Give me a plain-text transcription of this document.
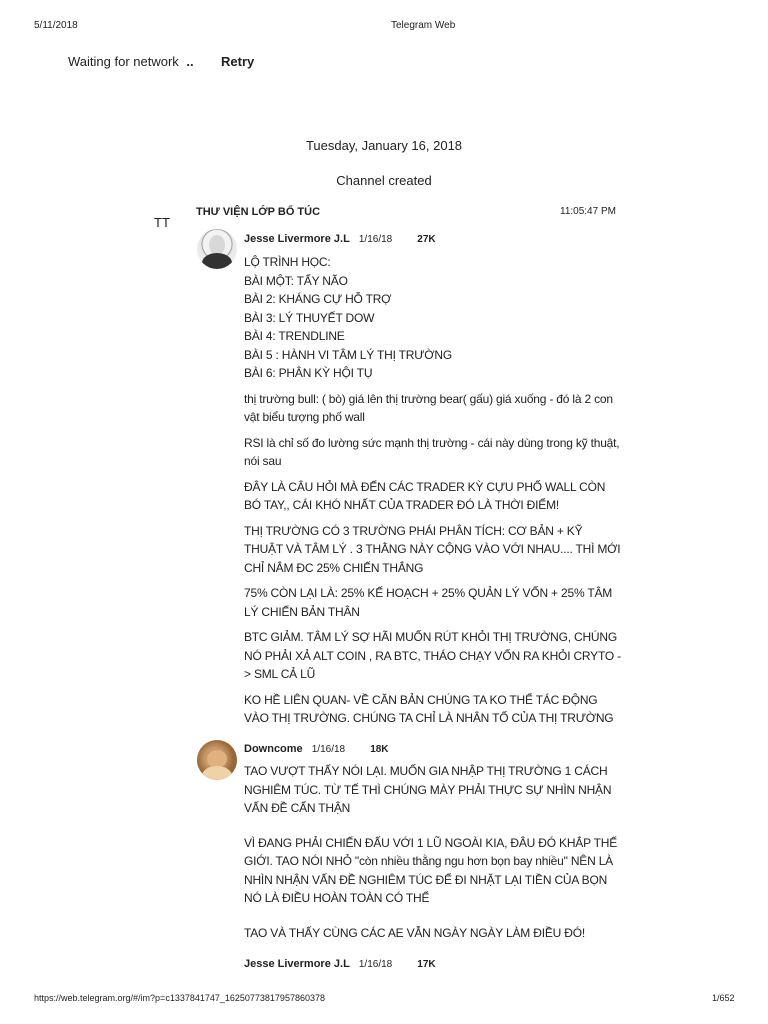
5/11/2018	Telegram Web
Waiting for network .. Retry
Tuesday, January 16, 2018
Channel created
TT
THƯ VIỆN LỚP BỔ TÚC	11:05:47 PM
Jesse Livermore J.L 1/16/18	27K
LỘ TRÌNH HỌC:
BÀI MỘT: TẨY NÃO
BÀI 2: KHÁNG CỰ HỖ TRỢ
BÀI 3: LÝ THUYẾT DOW
BÀI 4: TRENDLINE
BÀI 5 : HÀNH VI TÂM LÝ THỊ TRƯỜNG

BÀI 6: PHÂN KỲ HỘI TỤ

thị trường bull: ( bò) giá lên thị trường bear( gấu) giá xuống - đó là 2 con vật biểu tượng phố wall

RSI là chỉ số đo lường sức mạnh thị trường - cái này dùng trong kỹ thuật, nói sau

ĐÂY LÀ CÂU HỎI MÀ ĐẾN CÁC TRADER KỲ CỰU PHỐ WALL CÒN BÓ TAY,, CÁI KHÓ NHẤT CỦA TRADER ĐÓ LÀ THỜI ĐIỂM!

THỊ TRƯỜNG CÓ 3 TRƯỜNG PHÁI PHÂN TÍCH: CƠ BẢN + KỸ THUẬT VÀ TÂM LÝ . 3 THẰNG NÀY CỘNG VÀO VỚI NHAU.... THÌ MỚI CHỈ NẮM ĐC 25% CHIẾN THẮNG

75% CÒN LẠI LÀ: 25% KẾ HOẠCH + 25% QUẢN LÝ VỐN + 25% TÂM LÝ CHIẾN BẢN THÂN

BTC GIẢM. TÂM LÝ SỢ HÃI MUỐN RÚT KHỎI THỊ TRƯỜNG, CHÚNG NÓ PHẢI XẢ ALT COIN , RA BTC, THÁO CHẠY VỐN RA KHỎI CRYTO -> SML CẢ LŨ

KO HỀ LIÊN QUAN- VỀ CĂN BẢN CHÚNG TA KO THỂ TÁC ĐỘNG VÀO THỊ TRƯỜNG. CHÚNG TA CHỈ LÀ NHÂN TỐ CỦA THỊ TRƯỜNG

Downcome 1/16/18	18K
TAO VƯỢT THẤY NÓI LẠI. MUỐN GIA NHẬP THỊ TRƯỜNG 1 CÁCH NGHIÊM TÚC. TỪ TẾ THÌ CHÚNG MÀY PHẢI THỰC SỰ NHÌN NHẬN VẤN ĐỀ CẨN THẬN
VÌ ĐANG PHẢI CHIẾN ĐẤU VỚI 1 LŨ NGOÀI KIA, ĐÂU ĐÓ KHẮP THẾ GIỚI. TAO NÓI NHỎ "còn nhiều thằng ngu hơn bọn bay nhiều" NÊN LÀ NHÌN NHẬN VẤN ĐỀ NGHIÊM TÚC ĐỂ ĐI NHẶT LẠI TIỀN CỦA BỌN NÓ LÀ ĐIỀU HOÀN TOÀN CÓ THỂ
TAO VÀ THẤY CÙNG CÁC AE VẪN NGÀY NGÀY LÀM ĐIỀU ĐÓ!
Jesse Livermore J.L 1/16/18	17K
https://web.telegram.org/#/im?p=c1337841747_16250773817957860378	1/652
